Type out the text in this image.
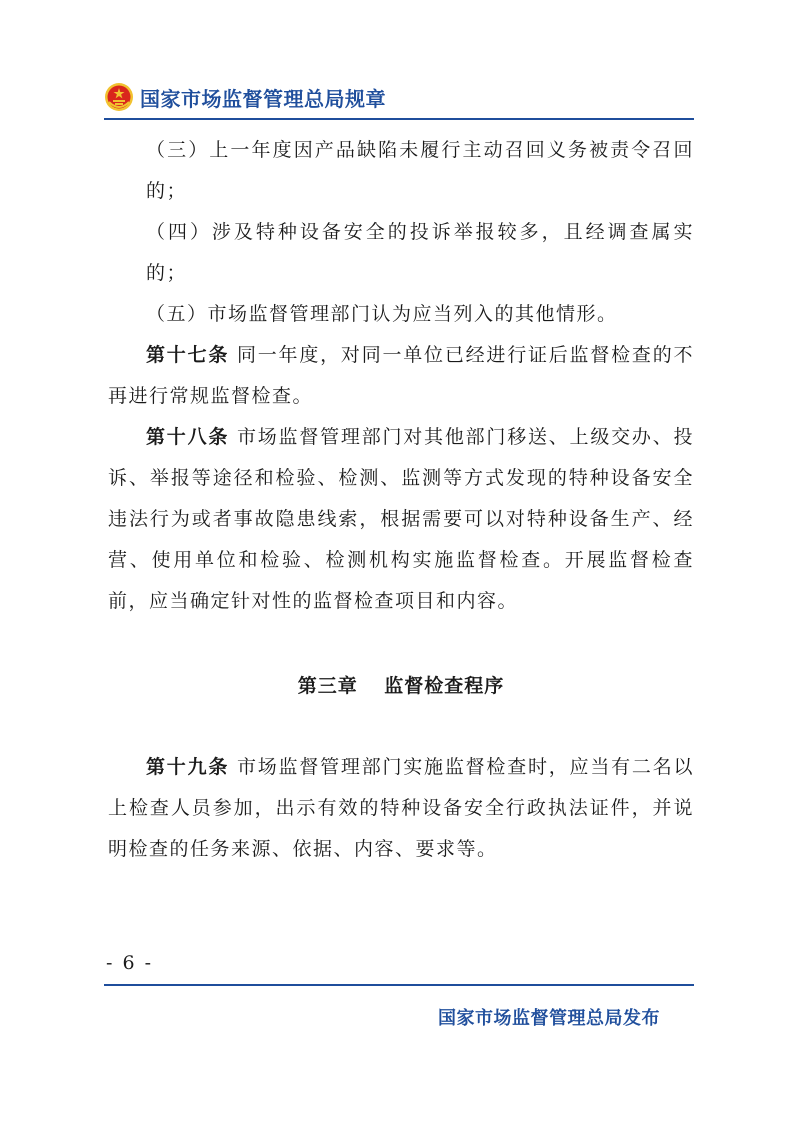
国家市场监督管理总局规章

（三）上一年度因产品缺陷未履行主动召回义务被责令召回的；

（四）涉及特种设备安全的投诉举报较多，且经调查属实的；

（五）市场监督管理部门认为应当列入的其他情形。

第十七条 同一年度，对同一单位已经进行证后监督检查的不再进行常规监督检查。

第十八条 市场监督管理部门对其他部门移送、上级交办、投诉、举报等途径和检验、检测、监测等方式发现的特种设备安全违法行为或者事故隐患线索，根据需要可以对特种设备生产、经营、使用单位和检验、检测机构实施监督检查。开展监督检查前，应当确定针对性的监督检查项目和内容。

第三章 监督检查程序

第十九条 市场监督管理部门实施监督检查时，应当有二名以上检查人员参加，出示有效的特种设备安全行政执法证件，并说明检查的任务来源、依据、内容、要求等。

- 6 -
国家市场监督管理总局发布
